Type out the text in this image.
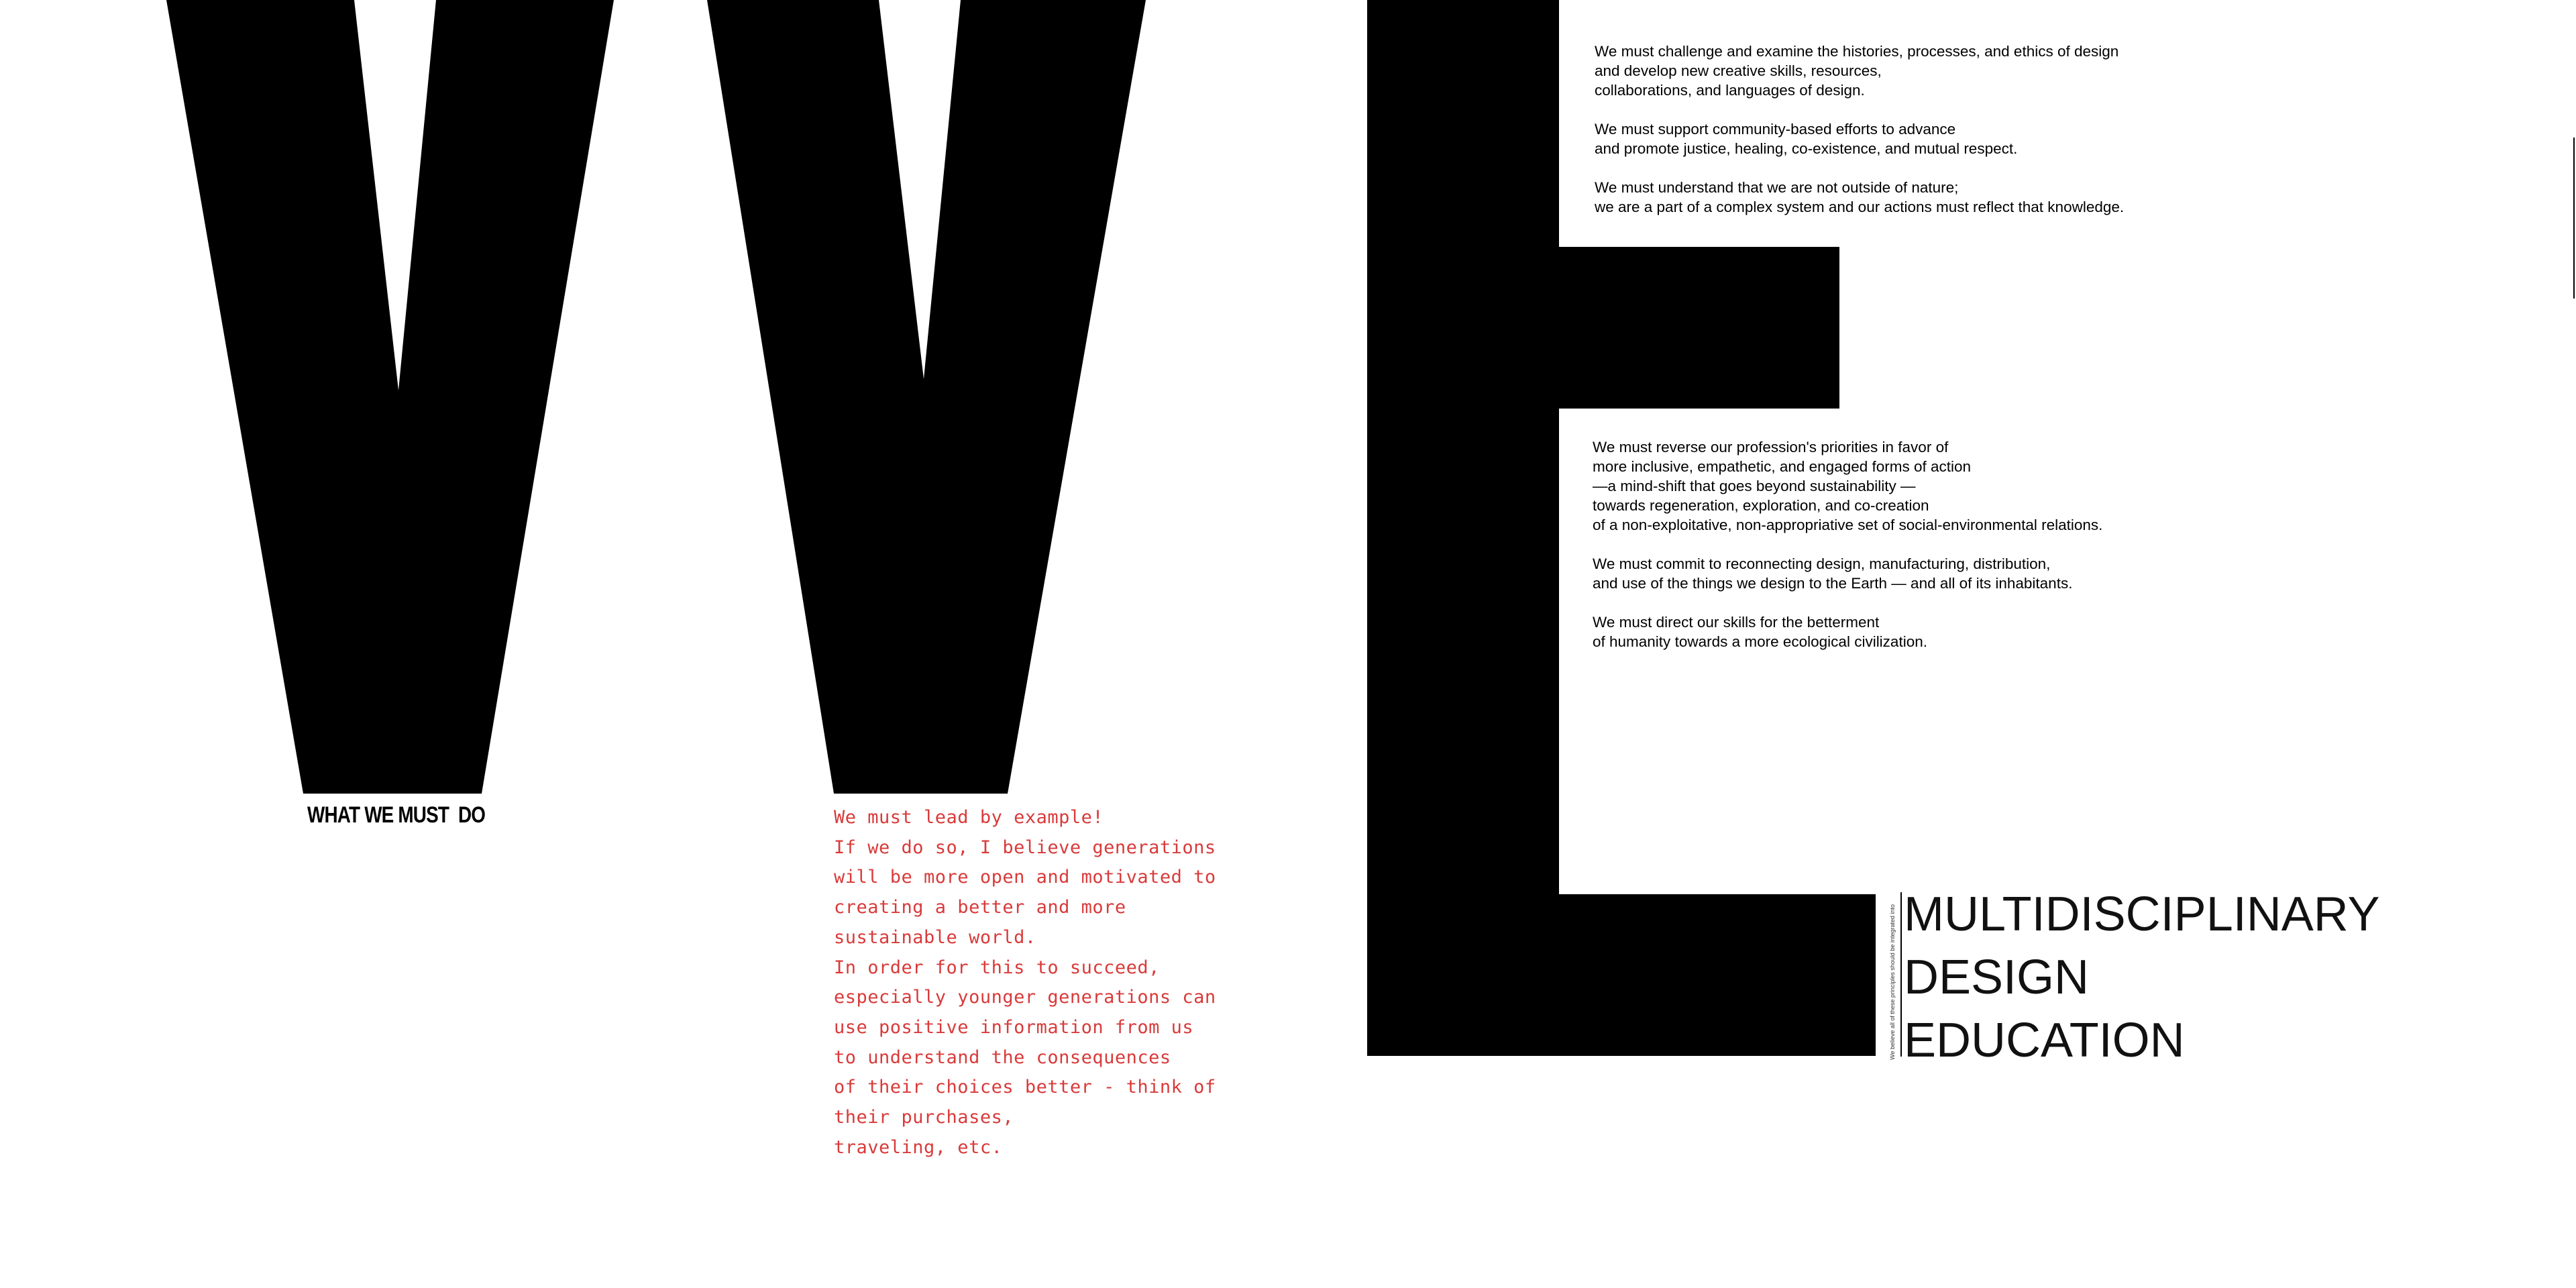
WHAT WE MUST  DO	We must lead by example!
If we do so, I believe generations
will be more open and motivated to
creating a better and more
sustainable world.
In order for this to succeed,
especially younger generations can
use positive information from us
to understand the consequences
of their choices better - think of
their purchases,
traveling, etc.

We must challenge and examine the histories, processes, and ethics of design
and develop new creative skills, resources,
collaborations, and languages of design.

We must support community-based efforts to advance
and promote justice, healing, co-existence, and mutual respect.

We must understand that we are not outside of nature;
we are a part of a complex system and our actions must reflect that knowledge.

We must reverse our profession's priorities in favor of
more inclusive, empathetic, and engaged forms of action
—a mind-shift that goes beyond sustainability —
towards regeneration, exploration, and co-creation
of a non-exploitative, non-appropriative set of social-environmental relations.

We must commit to reconnecting design, manufacturing, distribution,
and use of the things we design to the Earth — and all of its inhabitants.

We must direct our skills for the betterment
of humanity towards a more ecological civilization.

We believe all of these principles should be integrated into MULTIDISCIPLINARY
DESIGN
EDUCATION
